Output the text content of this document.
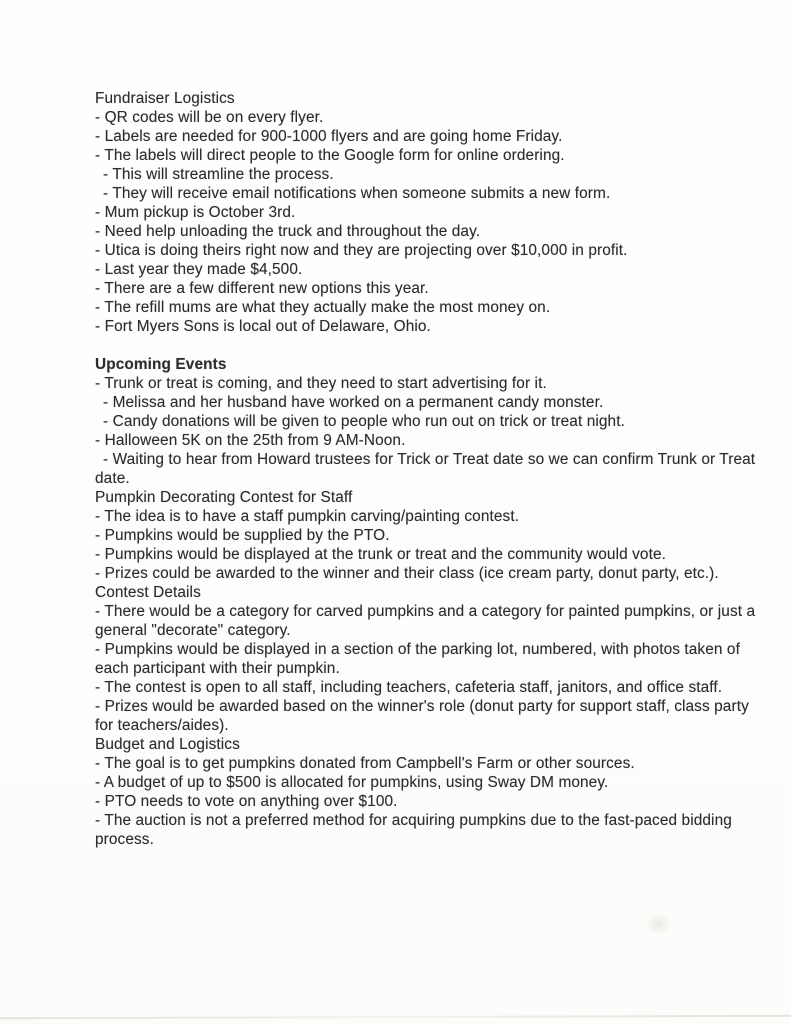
Fundraiser Logistics
- QR codes will be on every flyer.
- Labels are needed for 900-1000 flyers and are going home Friday.
- The labels will direct people to the Google form for online ordering.
- This will streamline the process.
- They will receive email notifications when someone submits a new form.
- Mum pickup is October 3rd.
- Need help unloading the truck and throughout the day.
- Utica is doing theirs right now and they are projecting over $10,000 in profit.
- Last year they made $4,500.
- There are a few different new options this year.
- The refill mums are what they actually make the most money on.
- Fort Myers Sons is local out of Delaware, Ohio.

Upcoming Events
- Trunk or treat is coming, and they need to start advertising for it.
- Melissa and her husband have worked on a permanent candy monster.
- Candy donations will be given to people who run out on trick or treat night.
- Halloween 5K on the 25th from 9 AM-Noon.
- Waiting to hear from Howard trustees for Trick or Treat date so we can confirm Trunk or Treat
date.
Pumpkin Decorating Contest for Staff
- The idea is to have a staff pumpkin carving/painting contest.
- Pumpkins would be supplied by the PTO.
- Pumpkins would be displayed at the trunk or treat and the community would vote.
- Prizes could be awarded to the winner and their class (ice cream party, donut party, etc.).
Contest Details
- There would be a category for carved pumpkins and a category for painted pumpkins, or just a
general "decorate" category.
- Pumpkins would be displayed in a section of the parking lot, numbered, with photos taken of
each participant with their pumpkin.
- The contest is open to all staff, including teachers, cafeteria staff, janitors, and office staff.
- Prizes would be awarded based on the winner's role (donut party for support staff, class party
for teachers/aides).
Budget and Logistics
- The goal is to get pumpkins donated from Campbell's Farm or other sources.
- A budget of up to $500 is allocated for pumpkins, using Sway DM money.
- PTO needs to vote on anything over $100.
- The auction is not a preferred method for acquiring pumpkins due to the fast-paced bidding
process.
